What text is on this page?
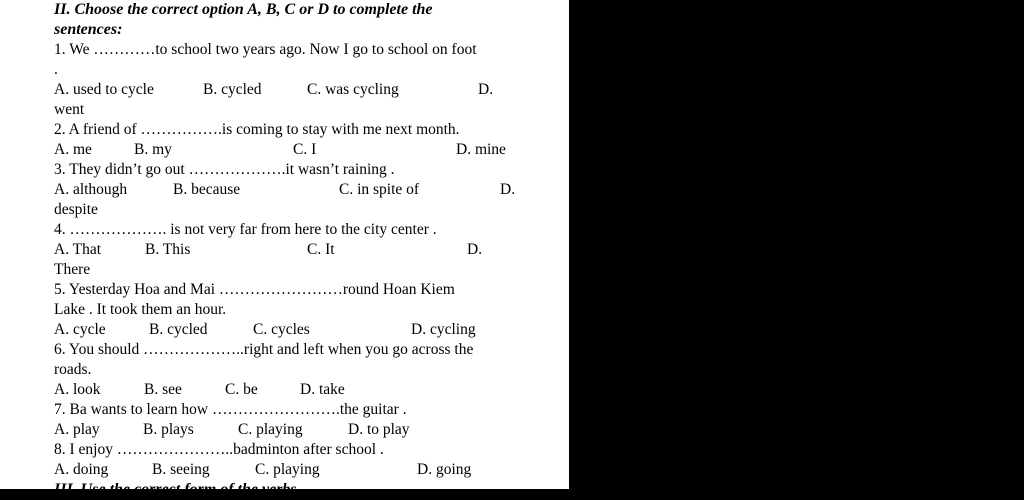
II. Choose the correct option A, B, C or D to complete the
sentences:
1. We …………to school two years ago. Now I go to school on foot
.
A. used to cycle	B. cycled	C. was cycling	D.
went
2. A friend of …………….is coming to stay with me next month.
A. me	B. my	C. I	D. mine
3. They didn’t go out ……………….it wasn’t raining .
A. although	B. because	C. in spite of	D.
despite
4. ………………. is not very far from here to the city center .
A. That	B. This	C. It	D.
There
5. Yesterday Hoa and Mai ……………………round Hoan Kiem
Lake . It took them an hour.
A. cycle	B. cycled	C. cycles	D. cycling
6. You should ………………..right and left when you go across the
roads.
A. look	B. see	C. be	D. take
7. Ba wants to learn how …………………….the guitar .
A. play	B. plays	C. playing	D. to play
8. I enjoy …………………..badminton after school .
A. doing	B. seeing	C. playing	D. going
III. Use the correct form of the verbs
